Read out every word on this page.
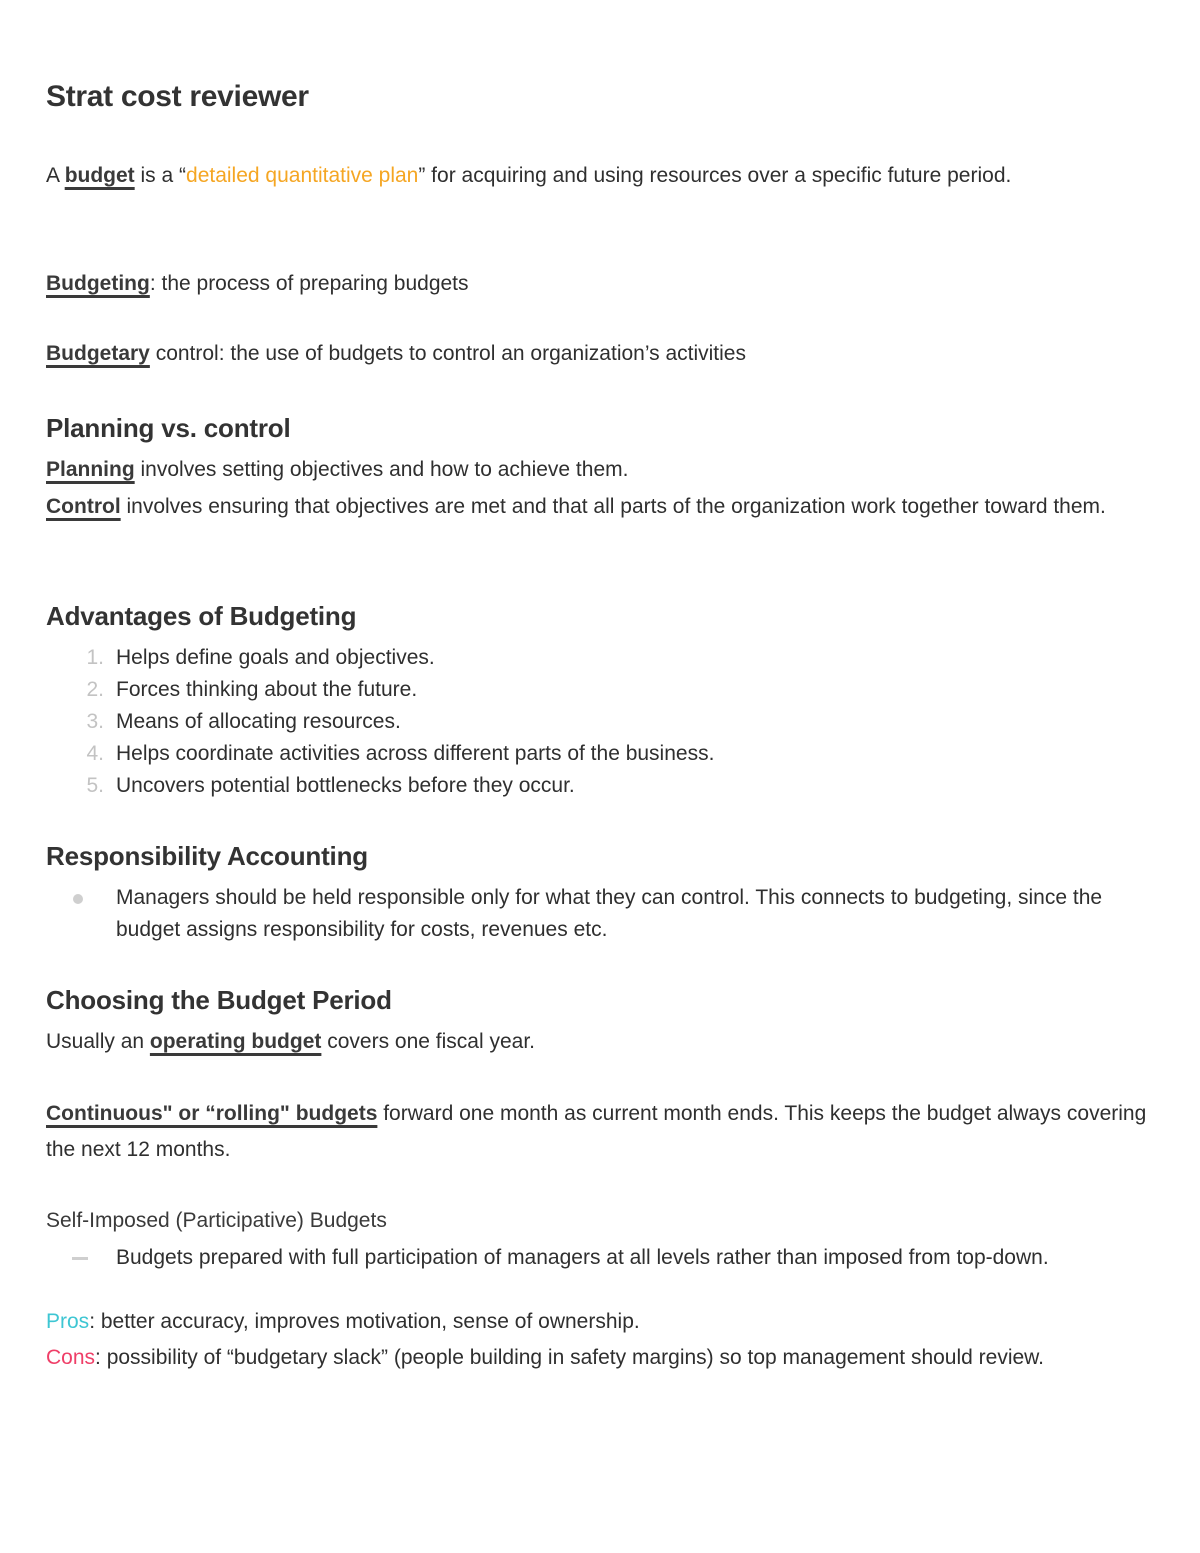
Strat cost reviewer
A budget is a “detailed quantitative plan” for acquiring and using resources over a specific future period.
Budgeting: the process of preparing budgets
Budgetary control: the use of budgets to control an organization’s activities
Planning vs. control
Planning involves setting objectives and how to achieve them.
Control involves ensuring that objectives are met and that all parts of the organization work together toward them.
Advantages of Budgeting
1. Helps define goals and objectives.
2. Forces thinking about the future.
3. Means of allocating resources.
4. Helps coordinate activities across different parts of the business.
5. Uncovers potential bottlenecks before they occur.
Responsibility Accounting
Managers should be held responsible only for what they can control. This connects to budgeting, since the budget assigns responsibility for costs, revenues etc.
Choosing the Budget Period
Usually an operating budget covers one fiscal year.
Continuous" or “rolling" budgets forward one month as current month ends. This keeps the budget always covering the next 12 months.
Self-Imposed (Participative) Budgets
Budgets prepared with full participation of managers at all levels rather than imposed from top-down.
Pros: better accuracy, improves motivation, sense of ownership.
Cons: possibility of “budgetary slack” (people building in safety margins) so top management should review.
